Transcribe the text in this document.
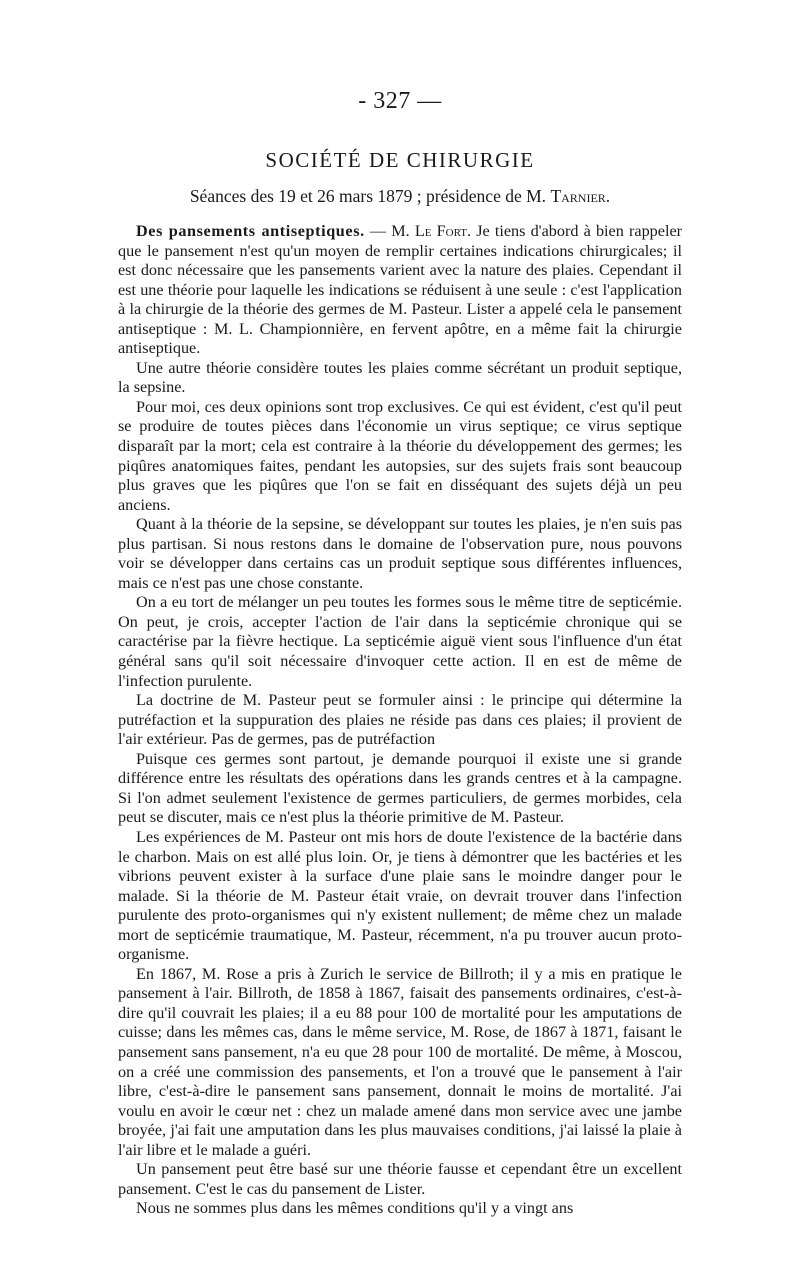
- 327 —
SOCIÉTÉ DE CHIRURGIE
Séances des 19 et 26 mars 1879 ; présidence de M. Tarnier.

Des pansements antiseptiques. — M. Le Fort. Je tiens d'abord à bien rappeler que le pansement n'est qu'un moyen de remplir certaines indications chirurgicales; il est donc nécessaire que les pansements varient avec la nature des plaies. Cependant il est une théorie pour laquelle les indications se réduisent à une seule : c'est l'application à la chirurgie de la théorie des germes de M. Pasteur. Lister a appelé cela le pansement antiseptique : M. L. Championnière, en fervent apôtre, en a même fait la chirurgie antiseptique.

Une autre théorie considère toutes les plaies comme sécrétant un produit septique, la sepsine.

Pour moi, ces deux opinions sont trop exclusives. Ce qui est évident, c'est qu'il peut se produire de toutes pièces dans l'économie un virus septique; ce virus septique disparaît par la mort; cela est contraire à la théorie du développement des germes; les piqûres anatomiques faites, pendant les autopsies, sur des sujets frais sont beaucoup plus graves que les piqûres que l'on se fait en disséquant des sujets déjà un peu anciens.

Quant à la théorie de la sepsine, se développant sur toutes les plaies, je n'en suis pas plus partisan. Si nous restons dans le domaine de l'observation pure, nous pouvons voir se développer dans certains cas un produit septique sous différentes influences, mais ce n'est pas une chose constante.

On a eu tort de mélanger un peu toutes les formes sous le même titre de septicémie. On peut, je crois, accepter l'action de l'air dans la septicémie chronique qui se caractérise par la fièvre hectique. La septicémie aiguë vient sous l'influence d'un état général sans qu'il soit nécessaire d'invoquer cette action. Il en est de même de l'infection purulente.

La doctrine de M. Pasteur peut se formuler ainsi : le principe qui détermine la putréfaction et la suppuration des plaies ne réside pas dans ces plaies; il provient de l'air extérieur. Pas de germes, pas de putréfaction

Puisque ces germes sont partout, je demande pourquoi il existe une si grande différence entre les résultats des opérations dans les grands centres et à la campagne. Si l'on admet seulement l'existence de germes particuliers, de germes morbides, cela peut se discuter, mais ce n'est plus la théorie primitive de M. Pasteur.

Les expériences de M. Pasteur ont mis hors de doute l'existence de la bactérie dans le charbon. Mais on est allé plus loin. Or, je tiens à démontrer que les bactéries et les vibrions peuvent exister à la surface d'une plaie sans le moindre danger pour le malade. Si la théorie de M. Pasteur était vraie, on devrait trouver dans l'infection purulente des proto-organismes qui n'y existent nullement; de même chez un malade mort de septicémie traumatique, M. Pasteur, récemment, n'a pu trouver aucun proto-organisme.

En 1867, M. Rose a pris à Zurich le service de Billroth; il y a mis en pratique le pansement à l'air. Billroth, de 1858 à 1867, faisait des pansements ordinaires, c'est-à-dire qu'il couvrait les plaies; il a eu 88 pour 100 de mortalité pour les amputations de cuisse; dans les mêmes cas, dans le même service, M. Rose, de 1867 à 1871, faisant le pansement sans pansement, n'a eu que 28 pour 100 de mortalité. De même, à Moscou, on a créé une commission des pansements, et l'on a trouvé que le pansement à l'air libre, c'est-à-dire le pansement sans pansement, donnait le moins de mortalité. J'ai voulu en avoir le cœur net : chez un malade amené dans mon service avec une jambe broyée, j'ai fait une amputation dans les plus mauvaises conditions, j'ai laissé la plaie à l'air libre et le malade a guéri.

Un pansement peut être basé sur une théorie fausse et cependant être un excellent pansement. C'est le cas du pansement de Lister.

Nous ne sommes plus dans les mêmes conditions qu'il y a vingt ans
